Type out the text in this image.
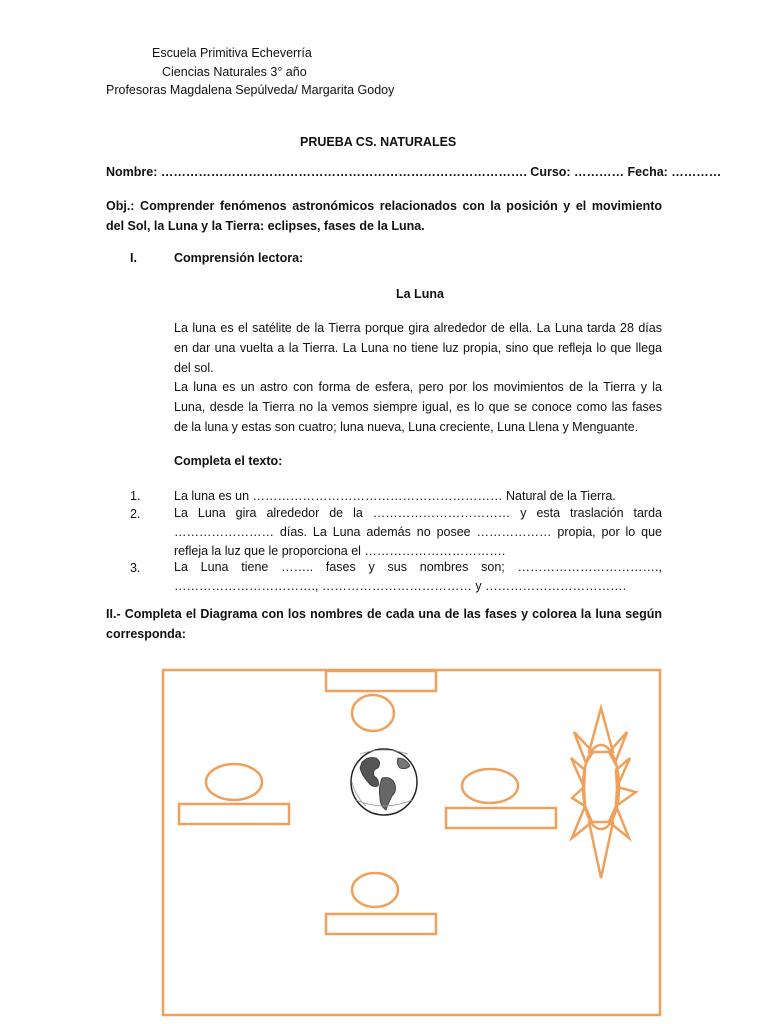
Escuela Primitiva Echeverría
Ciencias Naturales 3° año
Profesoras Magdalena Sepúlveda/ Margarita Godoy
PRUEBA CS. NATURALES
Nombre: ……………………………………………………………………………. Curso: ………… Fecha: …………
Obj.: Comprender fenómenos astronómicos relacionados con la posición y el movimiento del Sol, la Luna y la Tierra: eclipses, fases de la Luna.
I.	Comprensión lectora:
La Luna
La luna es el satélite de la Tierra porque gira alrededor de ella. La Luna tarda 28 días en dar una vuelta a la Tierra. La Luna no tiene luz propia, sino que refleja lo que llega del sol.
La luna es un astro con forma de esfera, pero por los movimientos de la Tierra y la Luna, desde la Tierra no la vemos siempre igual, es lo que se conoce como las fases de la luna y estas son cuatro; luna nueva, Luna creciente, Luna Llena y Menguante.
Completa el texto:
1.	La luna es un …………………………………………………… Natural de la Tierra.
2.	La Luna gira alrededor de la …………………………… y esta traslación tarda …………………… días. La Luna además no posee ……………… propia, por lo que refleja la luz que le proporciona el …………………………….
3.	La Luna tiene …….. fases y sus nombres son; ……………………………., ……………………………., ……………………………… y …………………………….
II.- Completa el Diagrama con los nombres de cada una de las fases y colorea la luna según corresponda:
